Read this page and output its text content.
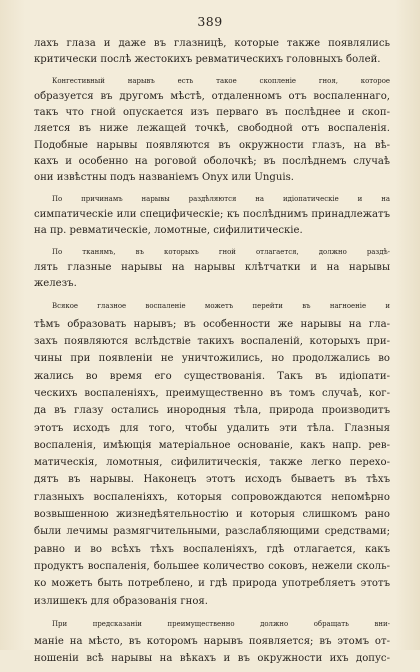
389
лахъ глаза и даже въ глазницѣ, которые также появлялись
критически послѣ жестокихъ ревматическихъ головныхъ болей.
Конгестивный нарывъ есть такое скопленіе гноя, которое
образуется въ другомъ мѣстѣ, отдаленномъ отъ воспаленнаго,
такъ что гной опускается изъ перваго въ послѣднее и скоп-
ляется въ ниже лежащей точкѣ, свободной отъ воспаленія.
Подобные нарывы появляются въ окружности глазъ, на вѣ-
кахъ и особенно на роговой оболочкѣ; въ послѣднемъ случаѣ
они извѣстны подъ названіемъ Onyx или Unguis.
По причинамъ нарывы раздѣляются на идіопатическіе и на
симпатическіе или специфическіе; къ послѣднимъ принадлежатъ
на пр. ревматическіе, ломотные, сифилитическіе.
По тканямъ, въ которыхъ гной отлагается, должно раздѣ-
лять глазные нарывы на нарывы клѣтчатки и на нарывы
железъ.
Всякое глазное воспаленіе можетъ перейти въ нагноеніе и
тѣмъ образовать нарывъ; въ особенности же нарывы на гла-
захъ появляются вслѣдствіе такихъ воспаленій, которыхъ при-
чины при появленіи не уничтожились, но продолжались во
жались во время его существованія. Такъ въ идіопати-
ческихъ воспаленіяхъ, преимущественно въ томъ случаѣ, ког-
да въ глазу остались инородныя тѣла, природа производитъ
этотъ исходъ для того, чтобы удалить эти тѣла. Глазныя
воспаленія, имѣющія матеріальное основаніе, какъ напр. рев-
матическія, ломотныя, сифилитическія, также легко перехо-
дятъ въ нарывы. Наконецъ этотъ исходъ бываетъ въ тѣхъ
глазныхъ воспаленіяхъ, которыя сопровождаются непомѣрно
возвышенною жизнедѣятельностію и которыя слишкомъ рано
были лечимы размягчительными, разслабляющими средствами;
равно и во всѣхъ тѣхъ воспаленіяхъ, гдѣ отлагается, какъ
продуктъ воспаленія, большее количество соковъ, нежели сколь-
ко можетъ быть потреблено, и гдѣ природа употребляетъ этотъ
излишекъ для образованія гноя.
При предсказаніи преимущественно должно обращать вни-
маніе на мѣсто, въ которомъ нарывъ появляется; въ этомъ от-
ношеніи всѣ нарывы на вѣкахъ и въ окружности ихъ допус-
